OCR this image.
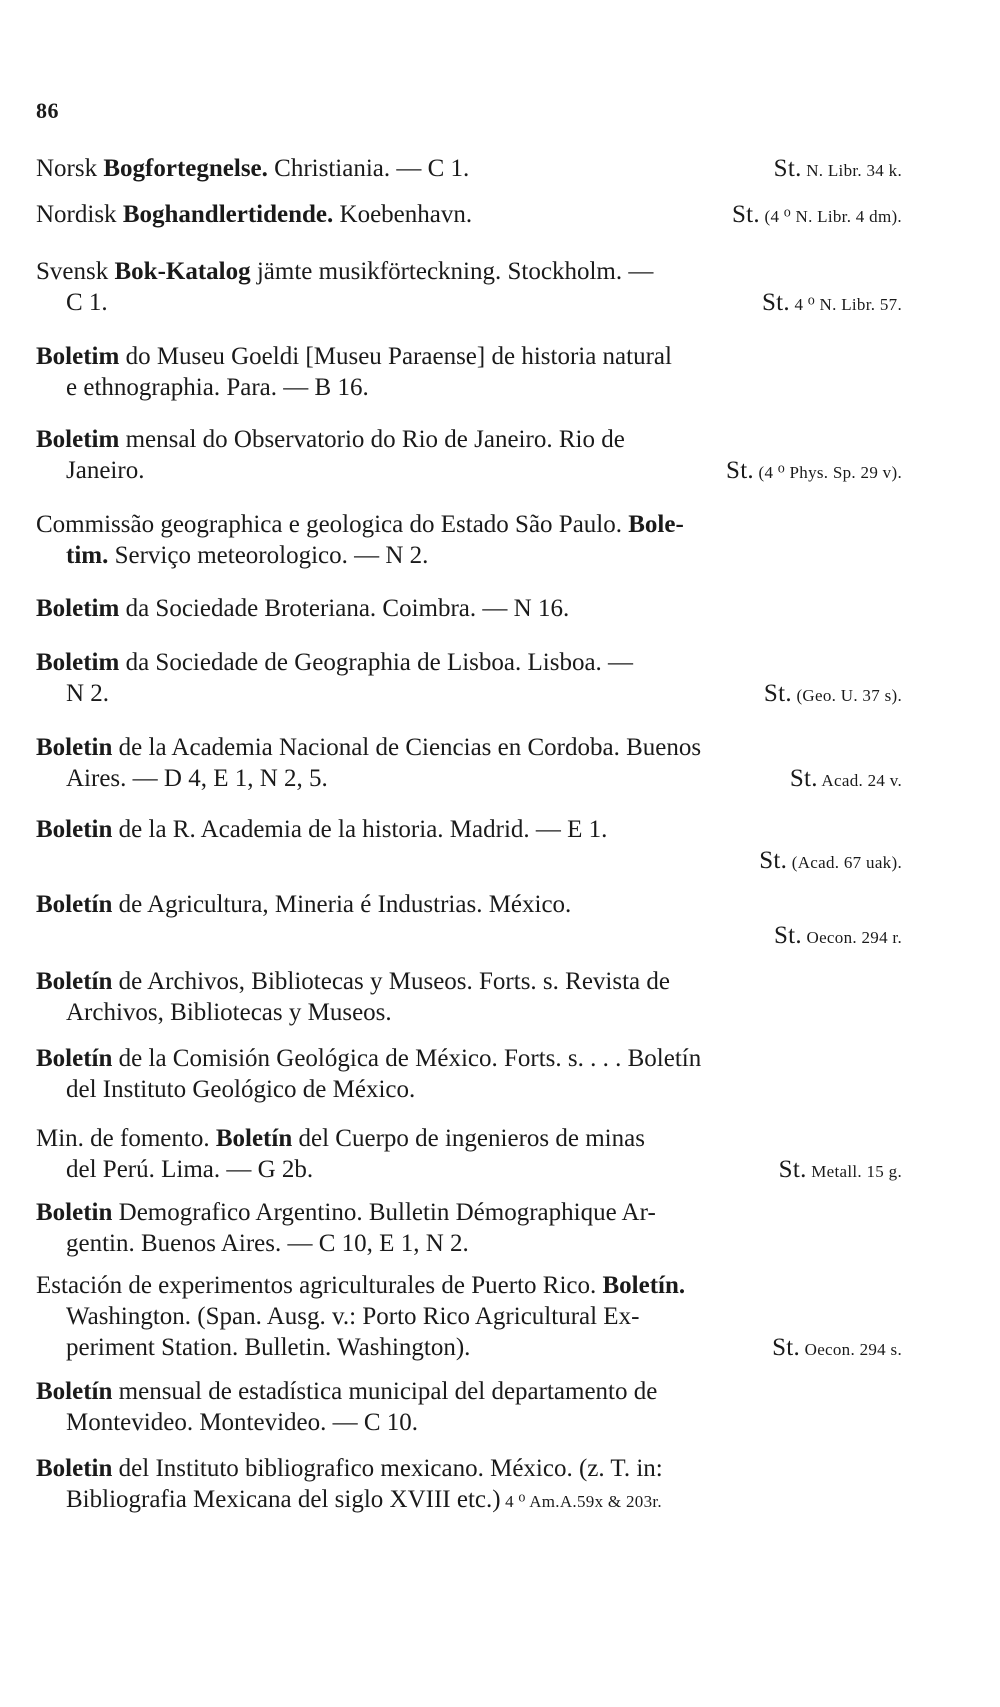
86
Norsk Bogfortegnelse. Christiania. — C 1.	St. N. Libr. 34 k.
Nordisk Boghandlertidende. Koebenhavn.	St. (4 ⁰ N. Libr. 4 dm).
Svensk Bok-Katalog jämte musikförteckning. Stockholm. —
C 1.	St. 4 ⁰ N. Libr. 57.
Boletim do Museu Goeldi [Museu Paraense] de historia natural
e ethnographia. Para. — B 16.
Boletim mensal do Observatorio do Rio de Janeiro. Rio de
Janeiro.	St. (4 ⁰ Phys. Sp. 29 v).
Commissão geographica e geologica do Estado São Paulo. Bole-
tim. Serviço meteorologico. — N 2.
Boletim da Sociedade Broteriana. Coimbra. — N 16.
Boletim da Sociedade de Geographia de Lisboa. Lisboa. —
N 2.	St. (Geo. U. 37 s).
Boletin de la Academia Nacional de Ciencias en Cordoba. Buenos
Aires. — D 4, E 1, N 2, 5.	St. Acad. 24 v.
Boletin de la R. Academia de la historia. Madrid. — E 1.
St. (Acad. 67 uak).
Boletín de Agricultura, Mineria é Industrias. México.
St. Oecon. 294 r.
Boletín de Archivos, Bibliotecas y Museos. Forts. s. Revista de
Archivos, Bibliotecas y Museos.
Boletín de la Comisión Geológica de México. Forts. s. . . . Boletín
del Instituto Geológico de México.
Min. de fomento. Boletín del Cuerpo de ingenieros de minas
del Perú. Lima. — G 2b.	St. Metall. 15 g.
Boletin Demografico Argentino. Bulletin Démographique Ar-
gentin. Buenos Aires. — C 10, E 1, N 2.
Estación de experimentos agriculturales de Puerto Rico. Boletín.
Washington. (Span. Ausg. v.: Porto Rico Agricultural Ex-
periment Station. Bulletin. Washington).	St. Oecon. 294 s.
Boletín mensual de estadística municipal del departamento de
Montevideo. Montevideo. — C 10.
Boletin del Instituto bibliografico mexicano. México. (z. T. in:
Bibliografia Mexicana del siglo XVIII etc.) 4 ⁰ Am.A.59x & 203r.
